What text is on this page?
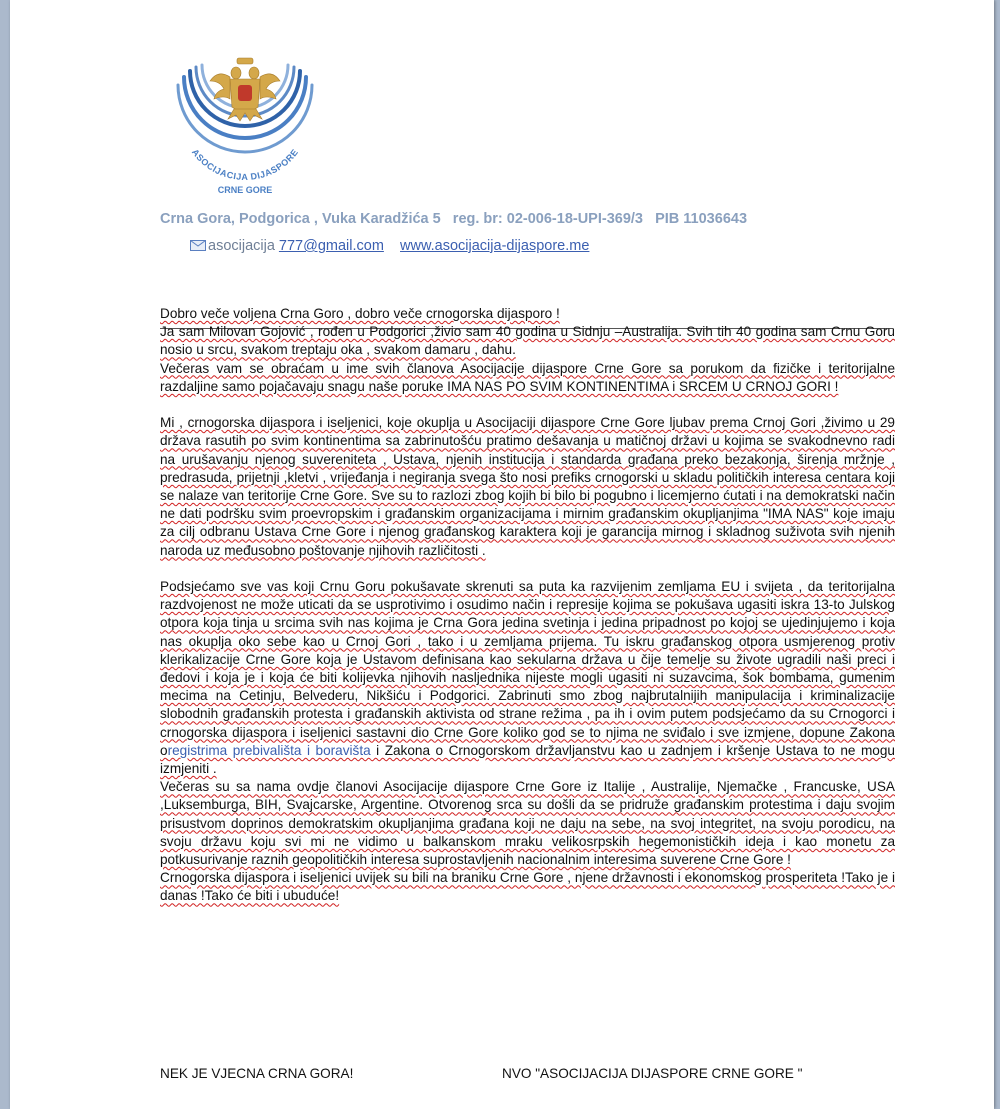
ASOCIJACIJA DIJASPORE
CRNE GORE
Crna Gora, Podgorica , Vuka Karadžića 5 reg. br: 02-006-18-UPI-369/3 PIB 11036643
asocijacija 777@gmail.com www.asocijacija-dijaspore.me

Dobro veče voljena Crna Goro , dobro veče crnogorska dijasporo !

Ja sam Milovan Gojović , rođen u Podgorici ,živio sam 40 godina u Sidnju –Australija. Svih tih 40 godina sam Crnu Goru nosio u srcu, svakom treptaju oka , svakom damaru , dahu.

Večeras vam se obraćam u ime svih članova Asocijacije dijaspore Crne Gore sa porukom da fizičke i teritorijalne razdaljine samo pojačavaju snagu naše poruke IMA NAS PO SVIM KONTINENTIMA i SRCEM U CRNOJ GORI !

Mi , crnogorska dijaspora i iseljenici, koje okuplja u Asocijaciji dijaspore Crne Gore ljubav prema Crnoj Gori ,živimo u 29 država rasutih po svim kontinentima sa zabrinutošću pratimo dešavanja u matičnoj državi u kojima se svakodnevno radi na urušavanju njenog suvereniteta , Ustava, njenih institucija i standarda građana preko bezakonja, širenja mržnje , predrasuda, prijetnji ,kletvi , vrijeđanja i negiranja svega što nosi prefiks crnogorski u skladu političkih interesa centara koji se nalaze van teritorije Crne Gore. Sve su to razlozi zbog kojih bi bilo bi pogubno i licemjerno ćutati i na demokratski način ne dati podršku svim proevropskim i građanskim organizacijama i mirnim građanskim okupljanjima "IMA NAS" koje imaju za cilj odbranu Ustava Crne Gore i njenog građanskog karaktera koji je garancija mirnog i skladnog suživota svih njenih naroda uz međusobno poštovanje njihovih različitosti .

Podsjećamo sve vas koji Crnu Goru pokušavate skrenuti sa puta ka razvijenim zemljama EU i svijeta , da teritorijalna razdvojenost ne može uticati da se usprotivimo i osudimo način i represije kojima se pokušava ugasiti iskra 13-to Julskog otpora koja tinja u srcima svih nas kojima je Crna Gora jedina svetinja i jedina pripadnost po kojoj se ujedinjujemo i koja nas okuplja oko sebe kao u Crnoj Gori , tako i u zemljama prijema. Tu iskru građanskog otpora usmjerenog protiv klerikalizacije Crne Gore koja je Ustavom definisana kao sekularna država u čije temelje su živote ugradili naši preci i đedovi i koja je i koja će biti kolijevka njihovih nasljednika nijeste mogli ugasiti ni suzavcima, šok bombama, gumenim mecima na Cetinju, Belvederu, Nikšiću i Podgorici. Zabrinuti smo zbog najbrutalnijih manipulacija i kriminalizacije slobodnih građanskih protesta i građanskih aktivista od strane režima , pa ih i ovim putem podsjećamo da su Crnogorci i crnogorska dijaspora i iseljenici sastavni dio Crne Gore koliko god se to njima ne sviđalo i sve izmjene, dopune Zakona oregistrima prebivališta i boravišta i Zakona o Crnogorskom državljanstvu kao u zadnjem i kršenje Ustava to ne mogu izmjeniti .

Večeras su sa nama ovdje članovi Asocijacije dijaspore Crne Gore iz Italije , Australije, Njemačke , Francuske, USA ,Luksemburga, BIH, Svajcarske, Argentine. Otvorenog srca su došli da se pridruže građanskim protestima i daju svojim prisustvom doprinos demokratskim okupljanjima građana koji ne daju na sebe, na svoj integritet, na svoju porodicu, na svoju državu koju svi mi ne vidimo u balkanskom mraku velikosrpskih hegemonističkih ideja i kao monetu za potkusurivanje raznih geopolitičkih interesa suprostavljenih nacionalnim interesima suverene Crne Gore !

Crnogorska dijaspora i iseljenici uvijek su bili na braniku Crne Gore , njene državnosti i ekonomskog prosperiteta !Tako je i danas !Tako će biti i ubuduće!

NEK JE VJECNA CRNA GORA!	NVO "ASOCIJACIJA DIJASPORE CRNE GORE "
